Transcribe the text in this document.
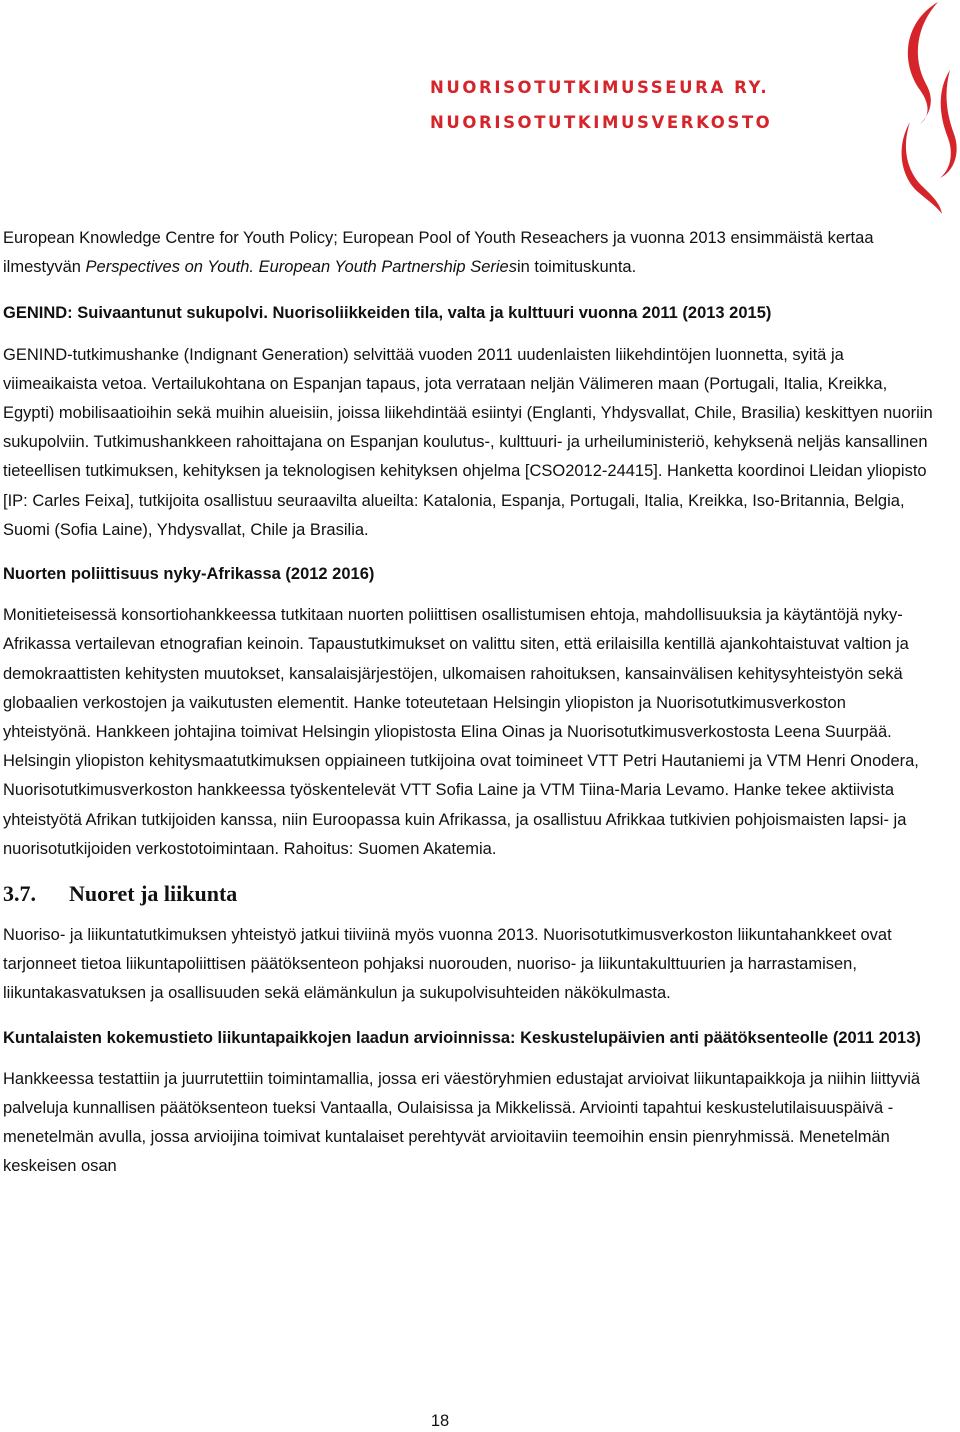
NUORISOTUTKIMUSSEURA RY.
NUORISOTUTKIMUSVERKOSTO

European Knowledge Centre for Youth Policy; European Pool of Youth Reseachers ja vuonna 2013 ensimmäistä kertaa ilmestyvän Perspectives on Youth. European Youth Partnership Seriesin toimituskunta.

GENIND: Suivaantunut sukupolvi. Nuorisoliikkeiden tila, valta ja kulttuuri vuonna 2011 (2013 2015)

GENIND-tutkimushanke (Indignant Generation) selvittää vuoden 2011 uudenlaisten liikehdintöjen luonnetta, syitä ja viimeaikaista vetoa. Vertailukohtana on Espanjan tapaus, jota verrataan neljän Välimeren maan (Portugali, Italia, Kreikka, Egypti) mobilisaatioihin sekä muihin alueisiin, joissa liikehdintää esiintyi (Englanti, Yhdysvallat, Chile, Brasilia) keskittyen nuoriin sukupolviin. Tutkimushankkeen rahoittajana on Espanjan koulutus-, kulttuuri- ja urheiluministeriö, kehyksenä neljäs kansallinen tieteellisen tutkimuksen, kehityksen ja teknologisen kehityksen ohjelma [CSO2012-24415]. Hanketta koordinoi Lleidan yliopisto [IP: Carles Feixa], tutkijoita osallistuu seuraavilta alueilta: Katalonia, Espanja, Portugali, Italia, Kreikka, Iso-Britannia, Belgia, Suomi (Sofia Laine), Yhdysvallat, Chile ja Brasilia.

Nuorten poliittisuus nyky-Afrikassa (2012 2016)

Monitieteisessä konsortiohankkeessa tutkitaan nuorten poliittisen osallistumisen ehtoja, mahdollisuuksia ja käytäntöjä nyky-Afrikassa vertailevan etnografian keinoin. Tapaustutkimukset on valittu siten, että erilaisilla kentillä ajankohtaistuvat valtion ja demokraattisten kehitysten muutokset, kansalaisjärjestöjen, ulkomaisen rahoituksen, kansainvälisen kehitysyhteistyön sekä globaalien verkostojen ja vaikutusten elementit. Hanke toteutetaan Helsingin yliopiston ja Nuorisotutkimusverkoston yhteistyönä. Hankkeen johtajina toimivat Helsingin yliopistosta Elina Oinas ja Nuorisotutkimusverkostosta Leena Suurpää. Helsingin yliopiston kehitysmaatutkimuksen oppiaineen tutkijoina ovat toimineet VTT Petri Hautaniemi ja VTM Henri Onodera, Nuorisotutkimusverkoston hankkeessa työskentelevät VTT Sofia Laine ja VTM Tiina-Maria Levamo. Hanke tekee aktiivista yhteistyötä Afrikan tutkijoiden kanssa, niin Euroopassa kuin Afrikassa, ja osallistuu Afrikkaa tutkivien pohjoismaisten lapsi- ja nuorisotutkijoiden verkostotoimintaan. Rahoitus: Suomen Akatemia.

3.7. Nuoret ja liikunta

Nuoriso- ja liikuntatutkimuksen yhteistyö jatkui tiiviinä myös vuonna 2013. Nuorisotutkimusverkoston liikuntahankkeet ovat tarjonneet tietoa liikuntapoliittisen päätöksenteon pohjaksi nuorouden, nuoriso- ja liikuntakulttuurien ja harrastamisen, liikuntakasvatuksen ja osallisuuden sekä elämänkulun ja sukupolvisuhteiden näkökulmasta.

Kuntalaisten kokemustieto liikuntapaikkojen laadun arvioinnissa: Keskustelupäivien anti päätöksenteolle (2011 2013)

Hankkeessa testattiin ja juurrutettiin toimintamallia, jossa eri väestöryhmien edustajat arvioivat liikuntapaikkoja ja niihin liittyviä palveluja kunnallisen päätöksenteon tueksi Vantaalla, Oulaisissa ja Mikkelissä. Arviointi tapahtui keskustelutilaisuuspäivä -menetelmän avulla, jossa arvioijina toimivat kuntalaiset perehtyvät arvioitaviin teemoihin ensin pienryhmissä. Menetelmän keskeisen osan

18
